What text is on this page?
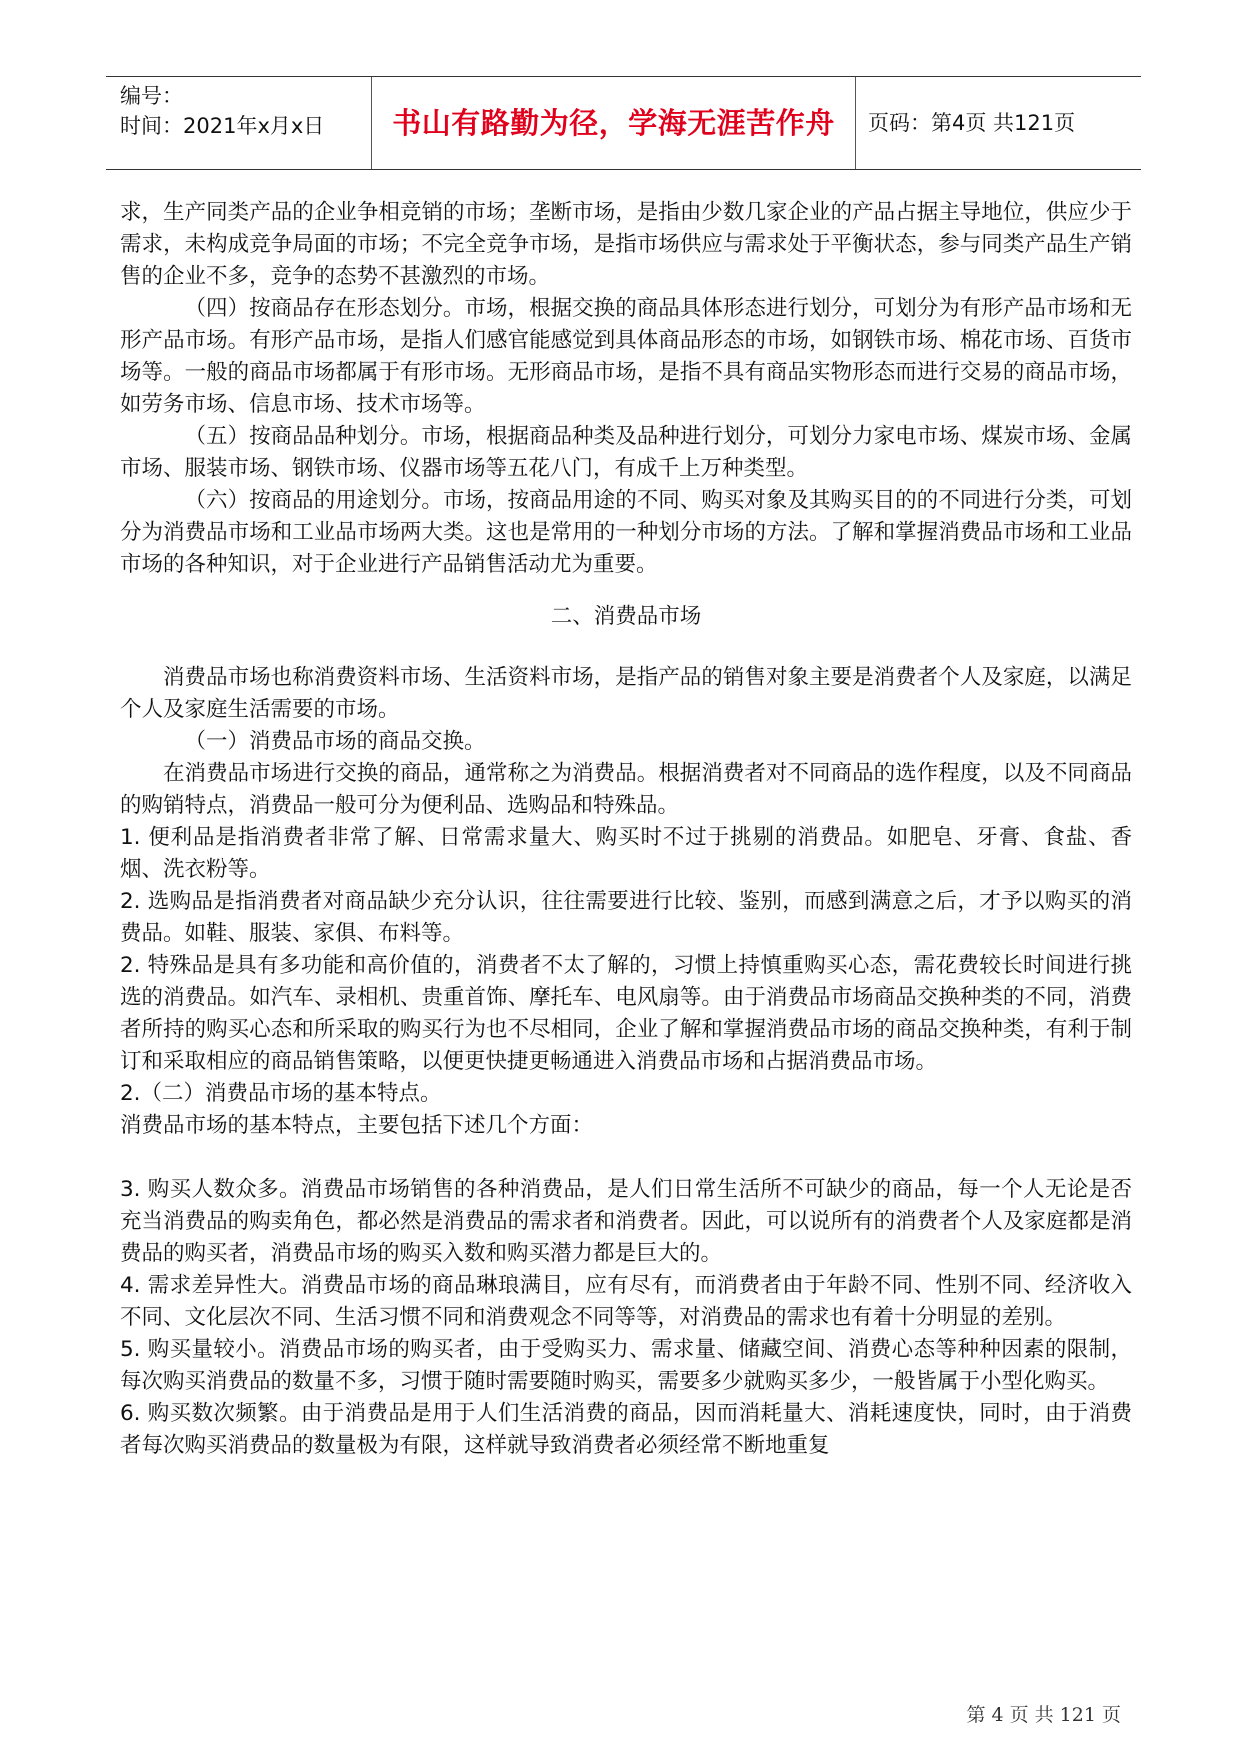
编号：
时间：2021年x月x日	书山有路勤为径，学海无涯苦作舟	页码：第4页 共121页

求，生产同类产品的企业争相竞销的市场；垄断市场，是指由少数几家企业的产品占据主导地位，供应少于需求，未构成竞争局面的市场；不完全竞争市场，是指市场供应与需求处于平衡状态，参与同类产品生产销售的企业不多，竞争的态势不甚激烈的市场。

（四）按商品存在形态划分。市场，根据交换的商品具体形态进行划分，可划分为有形产品市场和无形产品市场。有形产品市场，是指人们感官能感觉到具体商品形态的市场，如钢铁市场、棉花市场、百货市场等。一般的商品市场都属于有形市场。无形商品市场，是指不具有商品实物形态而进行交易的商品市场，如劳务市场、信息市场、技术市场等。

（五）按商品品种划分。市场，根据商品种类及品种进行划分，可划分力家电市场、煤炭市场、金属市场、服装市场、钢铁市场、仪器市场等五花八门，有成千上万种类型。

（六）按商品的用途划分。市场，按商品用途的不同、购买对象及其购买目的的不同进行分类，可划分为消费品市场和工业品市场两大类。这也是常用的一种划分市场的方法。了解和掌握消费品市场和工业品市场的各种知识，对于企业进行产品销售活动尤为重要。

二、消费品市场

消费品市场也称消费资料市场、生活资料市场，是指产品的销售对象主要是消费者个人及家庭，以满足个人及家庭生活需要的市场。

（一）消费品市场的商品交换。

在消费品市场进行交换的商品，通常称之为消费品。根据消费者对不同商品的选作程度，以及不同商品的购销特点，消费品一般可分为便利品、选购品和特殊品。

1. 便利品是指消费者非常了解、日常需求量大、购买时不过于挑剔的消费品。如肥皂、牙膏、食盐、香烟、洗衣粉等。

2. 选购品是指消费者对商品缺少充分认识，往往需要进行比较、鉴别，而感到满意之后，才予以购买的消费品。如鞋、服装、家俱、布料等。

2. 特殊品是具有多功能和高价值的，消费者不太了解的，习惯上持慎重购买心态，需花费较长时间进行挑选的消费品。如汽车、录相机、贵重首饰、摩托车、电风扇等。由于消费品市场商品交换种类的不同，消费者所持的购买心态和所采取的购买行为也不尽相同，企业了解和掌握消费品市场的商品交换种类，有利于制订和采取相应的商品销售策略，以便更快捷更畅通进入消费品市场和占据消费品市场。

2.（二）消费品市场的基本特点。

消费品市场的基本特点，主要包括下述几个方面：

3. 购买人数众多。消费品市场销售的各种消费品，是人们日常生活所不可缺少的商品，每一个人无论是否充当消费品的购卖角色，都必然是消费品的需求者和消费者。因此，可以说所有的消费者个人及家庭都是消费品的购买者，消费品市场的购买入数和购买潜力都是巨大的。

4. 需求差异性大。消费品市场的商品琳琅满目，应有尽有，而消费者由于年龄不同、性别不同、经济收入不同、文化层次不同、生活习惯不同和消费观念不同等等，对消费品的需求也有着十分明显的差别。

5. 购买量较小。消费品市场的购买者，由于受购买力、需求量、储藏空间、消费心态等种种因素的限制，每次购买消费品的数量不多，习惯于随时需要随时购买，需要多少就购买多少，一般皆属于小型化购买。

6. 购买数次频繁。由于消费品是用于人们生活消费的商品，因而消耗量大、消耗速度快，同时，由于消费者每次购买消费品的数量极为有限，这样就导致消费者必须经常不断地重复

第 4 页 共 121 页
